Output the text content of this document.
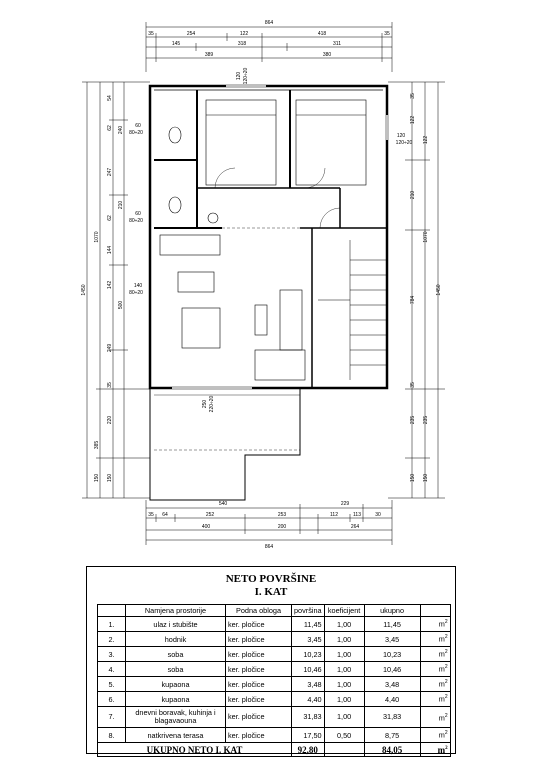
864
35	254	122	418	35
145	318	311
389	380
540	229
35 64	252	253	112	113	30
400	200	264
864
1450
1070
54
62
247
62
144
142
249
35
220
150
240
210
500
385
150
1450
1070
35
122
210
784
35
235
150
122
235
150
60
80÷20
60
80÷20
140
80÷20
120 120÷20
120
120÷20
250 220÷20
NETO POVRŠINE
I. KAT
	Namjena prostorije	Podna obloga	površina	koeficijent	ukupno	
1.	ulaz i stubište	ker. pločice	11,45	1,00	11,45	$m^2$
2.	hodnik	ker. pločice	3,45	1,00	3,45	$m^2$
3.	soba	ker. pločice	10,23	1,00	10,23	$m^2$
4.	soba	ker. pločice	10,46	1,00	10,46	$m^2$
5.	kupaona	ker. pločice	3,48	1,00	3,48	$m^2$
6.	kupaona	ker. pločice	4,40	1,00	4,40	$m^2$
7.	dnevni boravak, kuhinja i blagavaouna	ker. pločice	31,83	1,00	31,83	$m^2$
8.	natkrivena terasa	ker. pločice	17,50	0,50	8,75	$m^2$
UKUPNO NETO I. KAT			92,80		84,05	$m^2$
